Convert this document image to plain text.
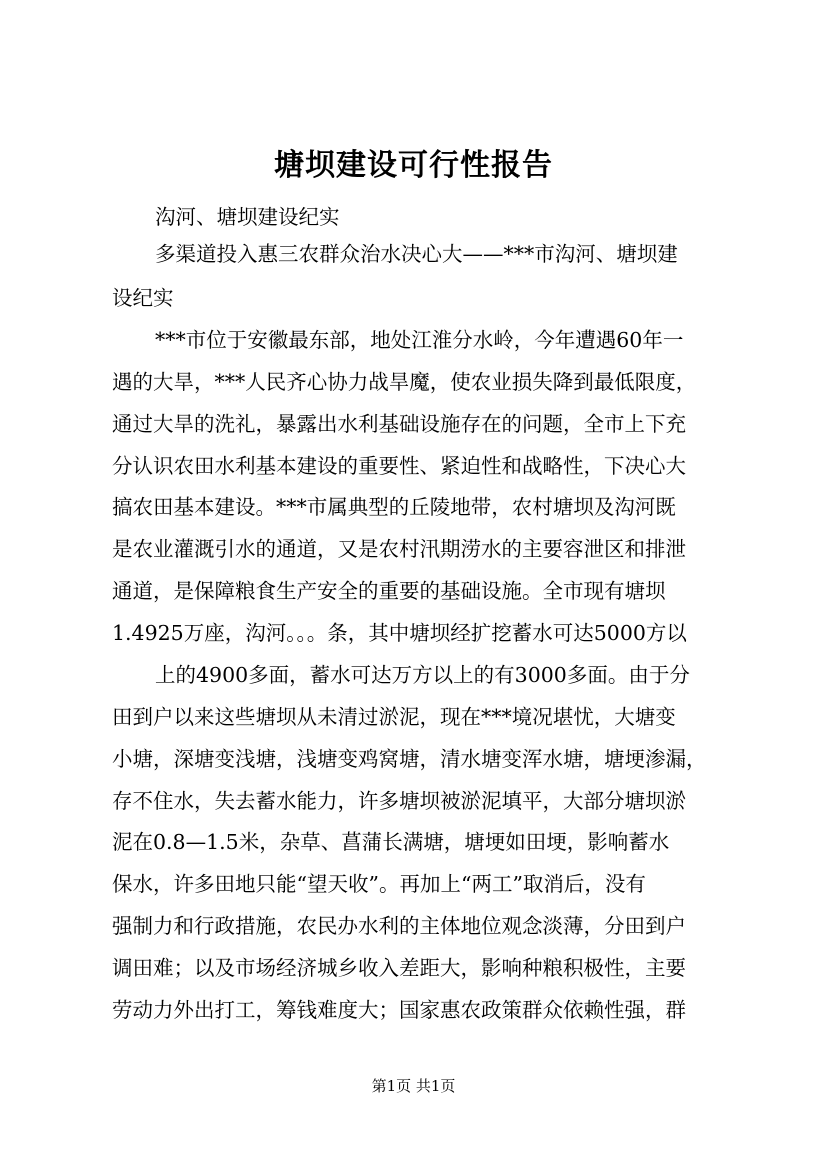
塘坝建设可行性报告

沟河、塘坝建设纪实

多渠道投入惠三农群众治水决心大——***市沟河、塘坝建

设纪实

***市位于安徽最东部，地处江淮分水岭，今年遭遇60年一

遇的大旱，***人民齐心协力战旱魔，使农业损失降到最低限度，

通过大旱的洗礼，暴露出水利基础设施存在的问题，全市上下充

分认识农田水利基本建设的重要性、紧迫性和战略性，下决心大

搞农田基本建设。***市属典型的丘陵地带，农村塘坝及沟河既

是农业灌溉引水的通道，又是农村汛期涝水的主要容泄区和排泄

通道，是保障粮食生产安全的重要的基础设施。全市现有塘坝

1.4925万座，沟河。。。条，其中塘坝经扩挖蓄水可达5000方以

上的4900多面，蓄水可达万方以上的有3000多面。由于分

田到户以来这些塘坝从未清过淤泥，现在***境况堪忧，大塘变

小塘，深塘变浅塘，浅塘变鸡窝塘，清水塘变浑水塘，塘埂渗漏，

存不住水，失去蓄水能力，许多塘坝被淤泥填平，大部分塘坝淤

泥在0.8—1.5米，杂草、菖蒲长满塘，塘埂如田埂，影响蓄水

保水，许多田地只能“望天收”。再加上“两工”取消后，没有

强制力和行政措施，农民办水利的主体地位观念淡薄，分田到户

调田难；以及市场经济城乡收入差距大，影响种粮积极性，主要

劳动力外出打工，筹钱难度大；国家惠农政策群众依赖性强，群

第1页 共1页
